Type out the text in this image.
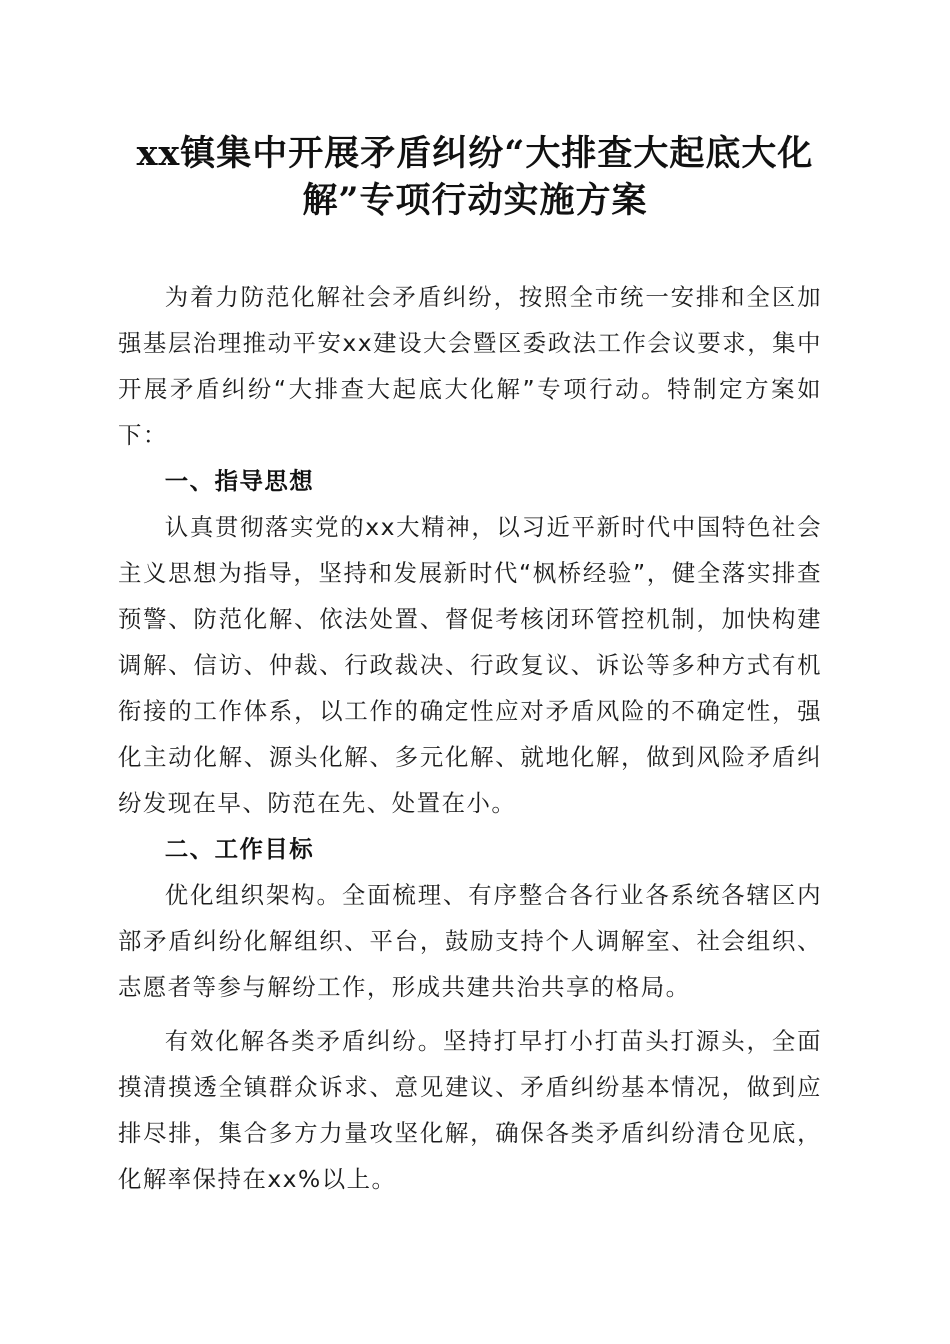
xx镇集中开展矛盾纠纷“大排查大起底大化
解”专项行动实施方案

为着力防范化解社会矛盾纠纷，按照全市统一安排和全区加强基层治理推动平安xx建设大会暨区委政法工作会议要求，集中开展矛盾纠纷“大排查大起底大化解”专项行动。特制定方案如下：

一、指导思想

认真贯彻落实党的xx大精神，以习近平新时代中国特色社会主义思想为指导，坚持和发展新时代“枫桥经验”，健全落实排查预警、防范化解、依法处置、督促考核闭环管控机制，加快构建调解、信访、仲裁、行政裁决、行政复议、诉讼等多种方式有机衔接的工作体系，以工作的确定性应对矛盾风险的不确定性，强化主动化解、源头化解、多元化解、就地化解，做到风险矛盾纠纷发现在早、防范在先、处置在小。

二、工作目标

优化组织架构。全面梳理、有序整合各行业各系统各辖区内部矛盾纠纷化解组织、平台，鼓励支持个人调解室、社会组织、志愿者等参与解纷工作，形成共建共治共享的格局。

有效化解各类矛盾纠纷。坚持打早打小打苗头打源头，全面摸清摸透全镇群众诉求、意见建议、矛盾纠纷基本情况，做到应排尽排，集合多方力量攻坚化解，确保各类矛盾纠纷清仓见底，化解率保持在xx%以上。
